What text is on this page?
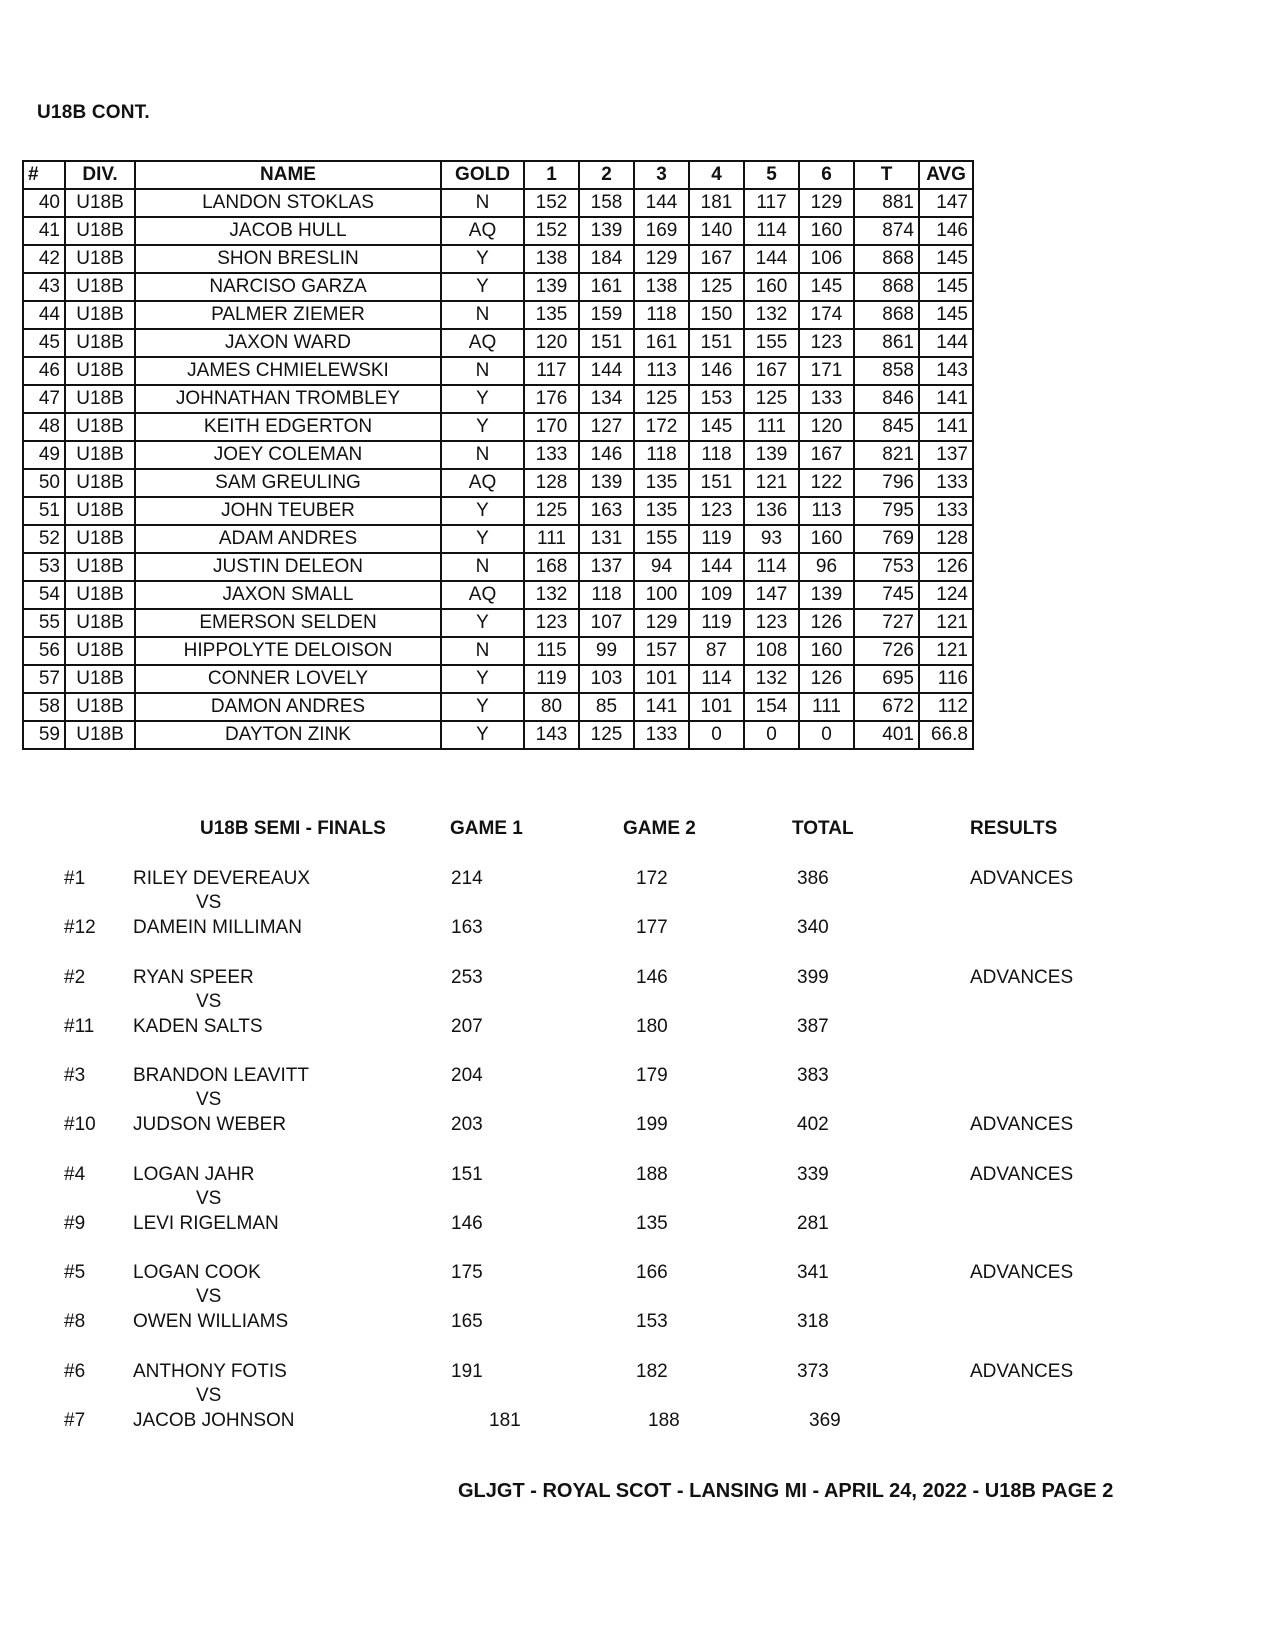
U18B CONT.
#	DIV.	NAME	GOLD	1	2	3	4	5	6	T	AVG
40	U18B	LANDON STOKLAS	N	152	158	144	181	117	129	881	147
41	U18B	JACOB HULL	AQ	152	139	169	140	114	160	874	146
42	U18B	SHON BRESLIN	Y	138	184	129	167	144	106	868	145
43	U18B	NARCISO GARZA	Y	139	161	138	125	160	145	868	145
44	U18B	PALMER ZIEMER	N	135	159	118	150	132	174	868	145
45	U18B	JAXON WARD	AQ	120	151	161	151	155	123	861	144
46	U18B	JAMES CHMIELEWSKI	N	117	144	113	146	167	171	858	143
47	U18B	JOHNATHAN TROMBLEY	Y	176	134	125	153	125	133	846	141
48	U18B	KEITH EDGERTON	Y	170	127	172	145	111	120	845	141
49	U18B	JOEY COLEMAN	N	133	146	118	118	139	167	821	137
50	U18B	SAM GREULING	AQ	128	139	135	151	121	122	796	133
51	U18B	JOHN TEUBER	Y	125	163	135	123	136	113	795	133
52	U18B	ADAM ANDRES	Y	111	131	155	119	93	160	769	128
53	U18B	JUSTIN DELEON	N	168	137	94	144	114	96	753	126
54	U18B	JAXON SMALL	AQ	132	118	100	109	147	139	745	124
55	U18B	EMERSON SELDEN	Y	123	107	129	119	123	126	727	121
56	U18B	HIPPOLYTE DELOISON	N	115	99	157	87	108	160	726	121
57	U18B	CONNER LOVELY	Y	119	103	101	114	132	126	695	116
58	U18B	DAMON ANDRES	Y	80	85	141	101	154	111	672	112
59	U18B	DAYTON ZINK	Y	143	125	133	0	0	0	401	66.8
U18B SEMI - FINALS	GAME 1	GAME 2	TOTAL	RESULTS
#1	RILEY DEVEREAUX	214	172	386	ADVANCES
#12 DAMEIN MILLIMAN	163	177	340
VS
#2	RYAN SPEER	253	146	399	ADVANCES
#11 KADEN SALTS	207	180	387
VS
#3	BRANDON LEAVITT	204	179	383
#10 JUDSON WEBER	203	199	402	ADVANCES
VS
#4	LOGAN JAHR	151	188	339	ADVANCES
#9	LEVI RIGELMAN	146	135	281
VS
#5	LOGAN COOK	175	166	341	ADVANCES
#8	OWEN WILLIAMS	165	153	318
VS
#6	ANTHONY FOTIS	191	182	373	ADVANCES
#7	JACOB JOHNSON	181	188	369
VS
GLJGT - ROYAL SCOT - LANSING MI - APRIL 24, 2022 - U18B PAGE 2
